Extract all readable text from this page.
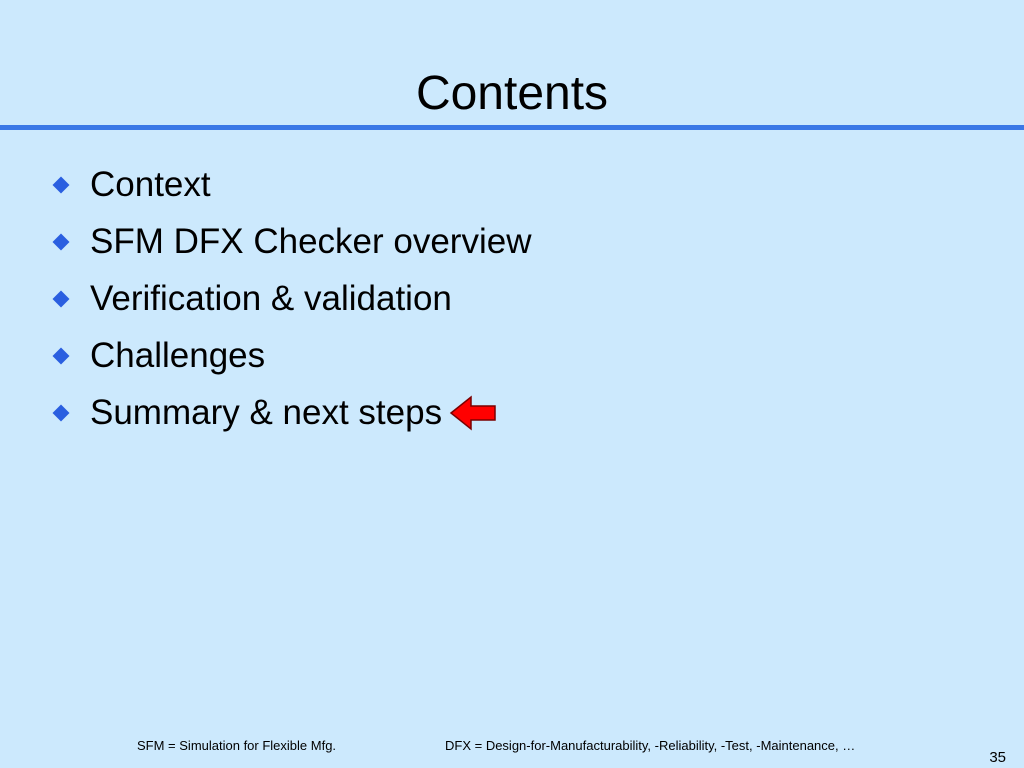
Contents
Context
SFM DFX Checker overview
Verification & validation
Challenges
Summary & next steps
SFM = Simulation for Flexible Mfg.	DFX = Design-for-Manufacturability, -Reliability, -Test, -Maintenance, …
35
